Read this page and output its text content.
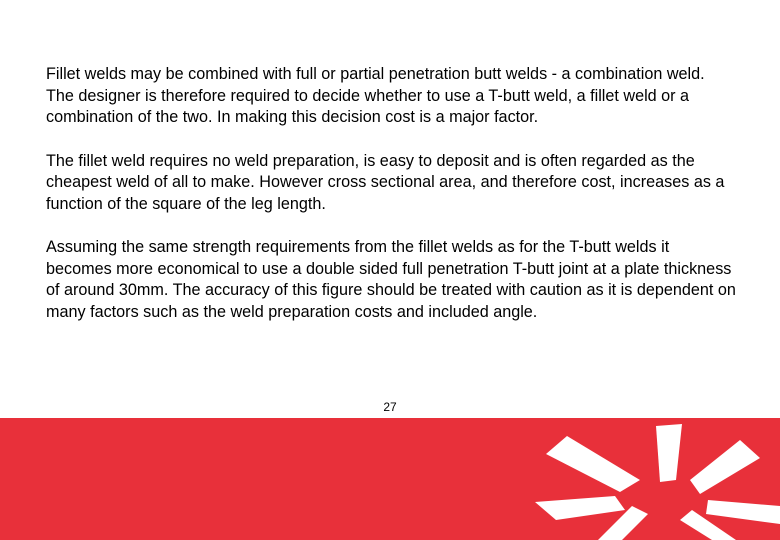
Fillet welds may be combined with full or partial penetration butt welds - a combination weld. The designer is therefore required to decide whether to use a T-butt weld, a fillet weld or a combination of the two. In making this decision cost is a major factor.

The fillet weld requires no weld preparation, is easy to deposit and is often regarded as the cheapest weld of all to make. However cross sectional area, and therefore cost, increases as a function of the square of the leg length.

Assuming the same strength requirements from the fillet welds as for the T-butt welds it becomes more economical to use a double sided full penetration T-butt joint at a plate thickness of around 30mm. The accuracy of this figure should be treated with caution as it is dependent on many factors such as the weld preparation costs and included angle.

27
